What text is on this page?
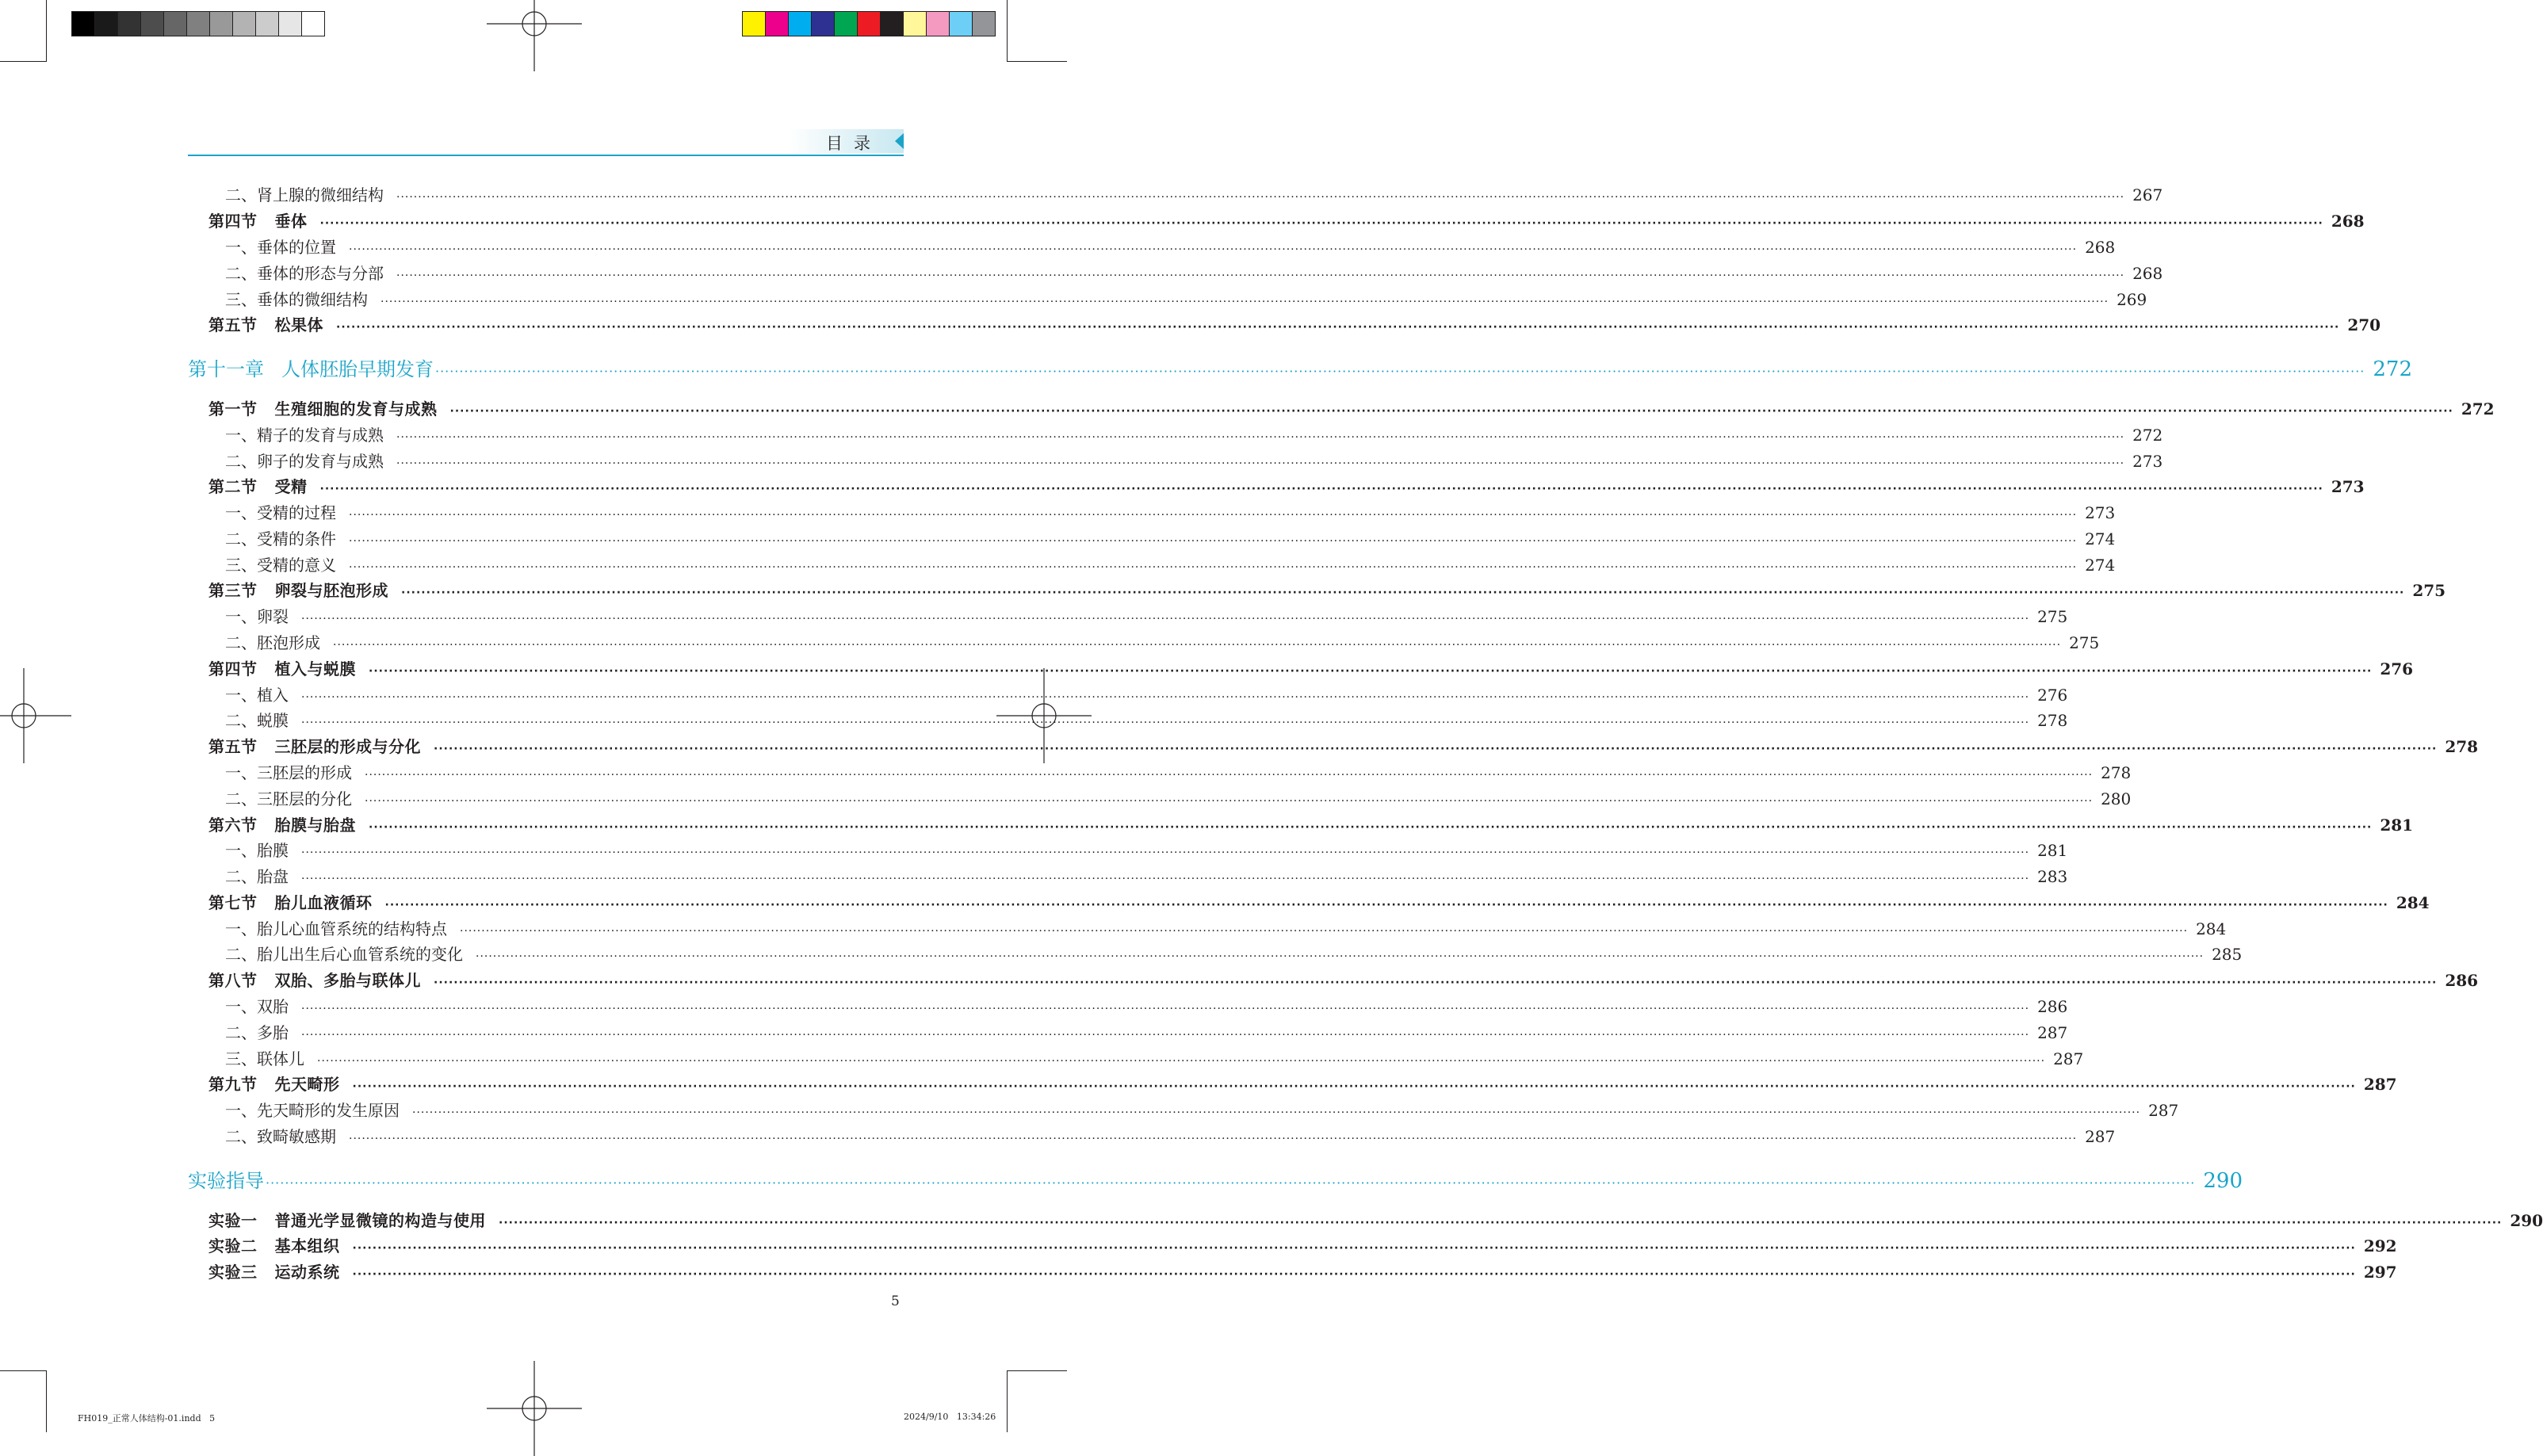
目录
二、肾上腺的微细结构 ················································································································································································································································································································································································································ 267
第四节 垂体 ················································································································································································································································································································································································································ 268
一、垂体的位置 ················································································································································································································································································································································································································ 268
二、垂体的形态与分部 ················································································································································································································································································································································································································ 268
三、垂体的微细结构 ················································································································································································································································································································································································································ 269
第五节 松果体 ················································································································································································································································································································································································································ 270
第十一章 人体胚胎早期发育 ················································································································································································································································································································································································································ 272
第一节 生殖细胞的发育与成熟 ················································································································································································································································································································································································································ 272
一、精子的发育与成熟 ················································································································································································································································································································································································································ 272
二、卵子的发育与成熟 ················································································································································································································································································································································································································ 273
第二节 受精 ················································································································································································································································································································································································································ 273
一、受精的过程 ················································································································································································································································································································································································································ 273
二、受精的条件 ················································································································································································································································································································································································································ 274
三、受精的意义 ················································································································································································································································································································································································································ 274
第三节 卵裂与胚泡形成 ················································································································································································································································································································································································································ 275
一、卵裂 ················································································································································································································································································································································································································ 275
二、胚泡形成 ················································································································································································································································································································································································································ 275
第四节 植入与蜕膜 ················································································································································································································································································································································································································ 276
一、植入 ················································································································································································································································································································································································································ 276
二、蜕膜 ················································································································································································································································································································································································································ 278
第五节 三胚层的形成与分化 ················································································································································································································································································································································································································ 278
一、三胚层的形成 ················································································································································································································································································································································································································ 278
二、三胚层的分化 ················································································································································································································································································································································································································ 280
第六节 胎膜与胎盘 ················································································································································································································································································································································································································ 281
一、胎膜 ················································································································································································································································································································································································································ 281
二、胎盘 ················································································································································································································································································································································································································ 283
第七节 胎儿血液循环 ················································································································································································································································································································································································································ 284
一、胎儿心血管系统的结构特点 ················································································································································································································································································································································································································ 284
二、胎儿出生后心血管系统的变化 ················································································································································································································································································································································································································ 285
第八节 双胎、多胎与联体儿 ················································································································································································································································································································································································································ 286
一、双胎 ················································································································································································································································································································································································································ 286
二、多胎 ················································································································································································································································································································································································································ 287
三、联体儿 ················································································································································································································································································································································································································ 287
第九节 先天畸形 ················································································································································································································································································································································································································ 287
一、先天畸形的发生原因 ················································································································································································································································································································································································································ 287
二、致畸敏感期 ················································································································································································································································································································································································································ 287
实验指导 ················································································································································································································································································································································································································ 290
实验一 普通光学显微镜的构造与使用 ················································································································································································································································································································································································································ 290
实验二 基本组织 ················································································································································································································································································································································································································ 292
实验三 运动系统 ················································································································································································································································································································································································································ 297
5
FH019_正常人体结构-01.indd   5	2024/9/10   13:34:26
